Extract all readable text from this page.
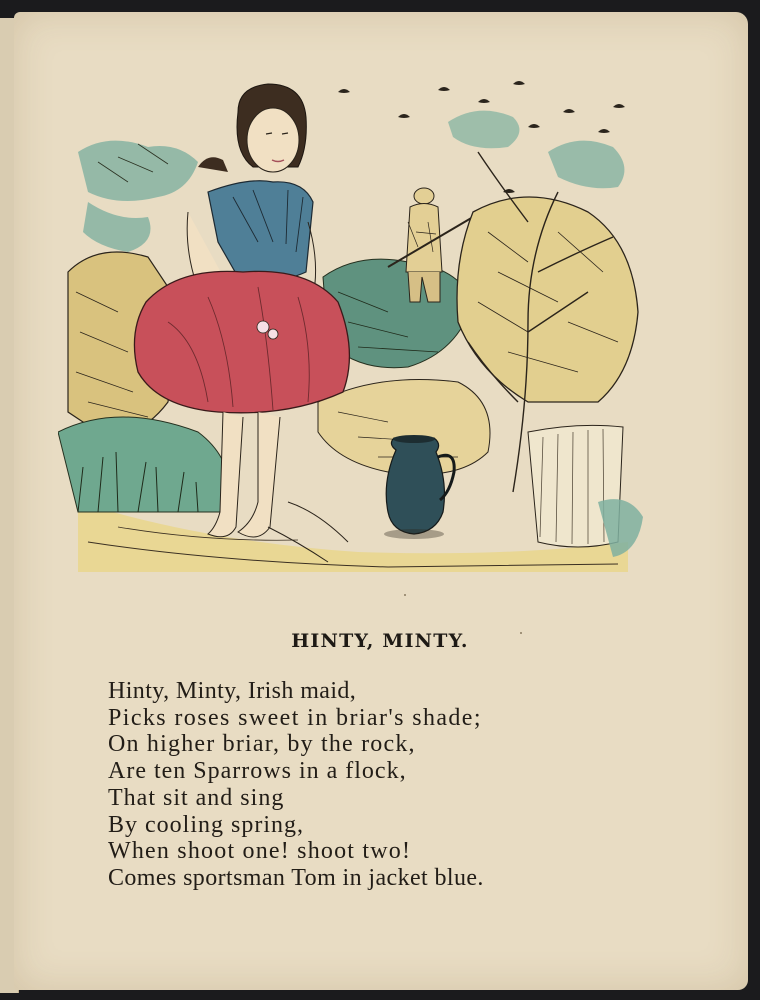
HINTY, MINTY.
Hinty, Minty, Irish maid,
Picks roses sweet in briar's shade;
On higher briar, by the rock,
Are ten Sparrows in a flock,
That sit and sing
By cooling spring,
When shoot one! shoot two!
Comes sportsman Tom in jacket blue.
